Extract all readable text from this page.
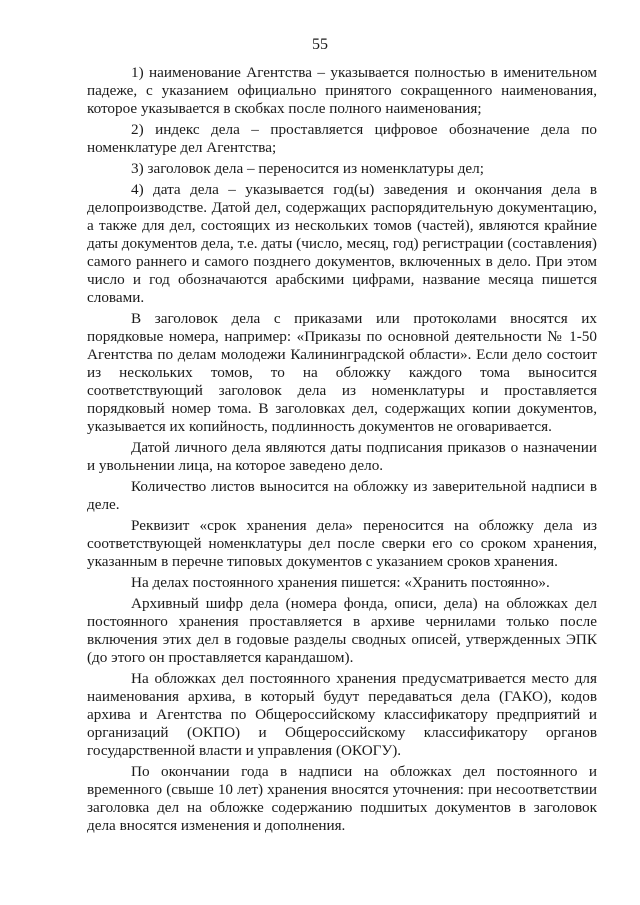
55

1) наименование Агентства – указывается полностью в именительном падеже, с указанием официально принятого сокращенного наименования, которое указывается в скобках после полного наименования;

2) индекс дела – проставляется цифровое обозначение дела по номенклатуре дел Агентства;

3) заголовок дела – переносится из номенклатуры дел;

4) дата дела – указывается год(ы) заведения и окончания дела в делопроизводстве. Датой дел, содержащих распорядительную документацию, а также для дел, состоящих из нескольких томов (частей), являются крайние даты документов дела, т.е. даты (число, месяц, год) регистрации (составления) самого раннего и самого позднего документов, включенных в дело. При этом число и год обозначаются арабскими цифрами, название месяца пишется словами.

В заголовок дела с приказами или протоколами вносятся их порядковые номера, например: «Приказы по основной деятельности № 1-50 Агентства по делам молодежи Калининградской области». Если дело состоит из нескольких томов, то на обложку каждого тома выносится соответствующий заголовок дела из номенклатуры и проставляется порядковый номер тома. В заголовках дел, содержащих копии документов, указывается их копийность, подлинность документов не оговаривается.

Датой личного дела являются даты подписания приказов о назначении и увольнении лица, на которое заведено дело.

Количество листов выносится на обложку из заверительной надписи в деле.

Реквизит «срок хранения дела» переносится на обложку дела из соответствующей номенклатуры дел после сверки его со сроком хранения, указанным в перечне типовых документов с указанием сроков хранения.

На делах постоянного хранения пишется: «Хранить постоянно».

Архивный шифр дела (номера фонда, описи, дела) на обложках дел постоянного хранения проставляется в архиве чернилами только после включения этих дел в годовые разделы сводных описей, утвержденных ЭПК (до этого он проставляется карандашом).

На обложках дел постоянного хранения предусматривается место для наименования архива, в который будут передаваться дела (ГАКО), кодов архива и Агентства по Общероссийскому классификатору предприятий и организаций (ОКПО) и Общероссийскому классификатору органов государственной власти и управления (ОКОГУ).

По окончании года в надписи на обложках дел постоянного и временного (свыше 10 лет) хранения вносятся уточнения: при несоответствии заголовка дел на обложке содержанию подшитых документов в заголовок дела вносятся изменения и дополнения.
